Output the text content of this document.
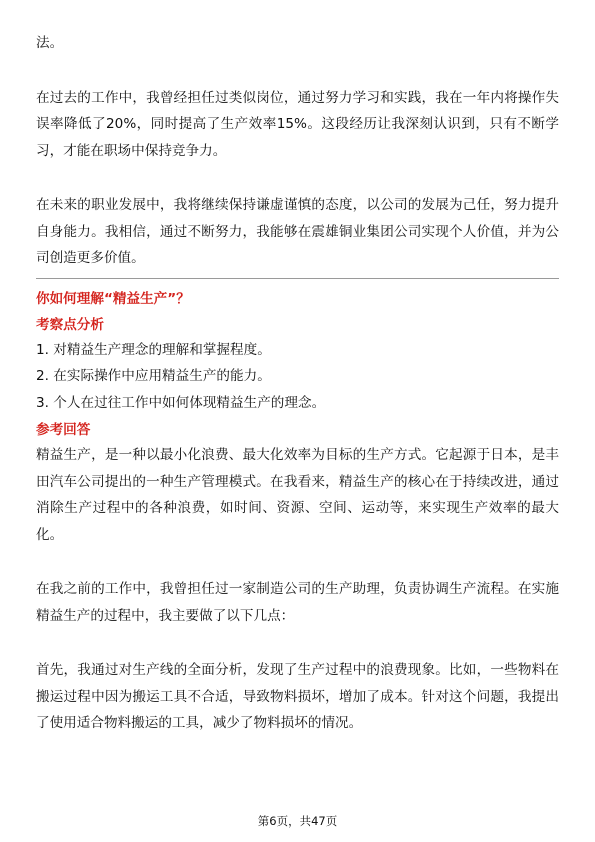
法。

在过去的工作中，我曾经担任过类似岗位，通过努力学习和实践，我在一年内将操作失误率降低了20%，同时提高了生产效率15%。这段经历让我深刻认识到，只有不断学习，才能在职场中保持竞争力。

在未来的职业发展中，我将继续保持谦虚谨慎的态度，以公司的发展为己任，努力提升自身能力。我相信，通过不断努力，我能够在震雄铜业集团公司实现个人价值，并为公司创造更多价值。

你如何理解“精益生产”？

考察点分析

1. 对精益生产理念的理解和掌握程度。

2. 在实际操作中应用精益生产的能力。

3. 个人在过往工作中如何体现精益生产的理念。

参考回答

精益生产，是一种以最小化浪费、最大化效率为目标的生产方式。它起源于日本，是丰田汽车公司提出的一种生产管理模式。在我看来，精益生产的核心在于持续改进，通过消除生产过程中的各种浪费，如时间、资源、空间、运动等，来实现生产效率的最大化。

在我之前的工作中，我曾担任过一家制造公司的生产助理，负责协调生产流程。在实施精益生产的过程中，我主要做了以下几点：

首先，我通过对生产线的全面分析，发现了生产过程中的浪费现象。比如，一些物料在搬运过程中因为搬运工具不合适，导致物料损坏，增加了成本。针对这个问题，我提出了使用适合物料搬运的工具，减少了物料损坏的情况。

第6页，共47页
